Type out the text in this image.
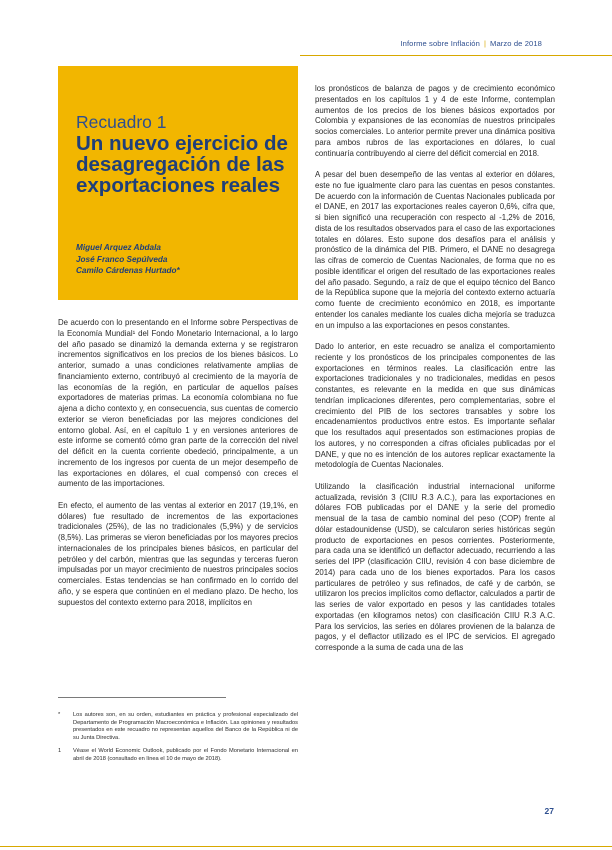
Informe sobre Inflación | Marzo de 2018
Recuadro 1
Un nuevo ejercicio de desagregación de las exportaciones reales
Miguel Arquez Abdala
José Franco Sepúlveda
Camilo Cárdenas Hurtado*

De acuerdo con lo presentando en el Informe sobre Perspectivas de la Economía Mundial¹ del Fondo Monetario Internacional, a lo largo del año pasado se dinamizó la demanda externa y se registraron incrementos significativos en los precios de los bienes básicos. Lo anterior, sumado a unas condiciones relativamente amplias de financiamiento externo, contribuyó al crecimiento de la mayoría de las economías de la región, en particular de aquellos países exportadores de materias primas. La economía colombiana no fue ajena a dicho contexto y, en consecuencia, sus cuentas de comercio exterior se vieron beneficiadas por las mejores condiciones del entorno global. Así, en el capítulo 1 y en versiones anteriores de este informe se comentó cómo gran parte de la corrección del nivel del déficit en la cuenta corriente obedeció, principalmente, a un incremento de los ingresos por cuenta de un mejor desempeño de las exportaciones en dólares, el cual compensó con creces el aumento de las importaciones.

En efecto, el aumento de las ventas al exterior en 2017 (19,1%, en dólares) fue resultado de incrementos de las exportaciones tradicionales (25%), de las no tradicionales (5,9%) y de servicios (8,5%). Las primeras se vieron beneficiadas por los mayores precios internacionales de los principales bienes básicos, en particular del petróleo y del carbón, mientras que las segundas y terceras fueron impulsadas por un mayor crecimiento de nuestros principales socios comerciales. Estas tendencias se han confirmado en lo corrido del año, y se espera que continúen en el mediano plazo. De hecho, los supuestos del contexto externo para 2018, implícitos en

los pronósticos de balanza de pagos y de crecimiento económico presentados en los capítulos 1 y 4 de este Informe, contemplan aumentos de los precios de los bienes básicos exportados por Colombia y expansiones de las economías de nuestros principales socios comerciales. Lo anterior permite prever una dinámica positiva para ambos rubros de las exportaciones en dólares, lo cual continuaría contribuyendo al cierre del déficit comercial en 2018.

A pesar del buen desempeño de las ventas al exterior en dólares, este no fue igualmente claro para las cuentas en pesos constantes. De acuerdo con la información de Cuentas Nacionales publicada por el DANE, en 2017 las exportaciones reales cayeron 0,6%, cifra que, si bien significó una recuperación con respecto al -1,2% de 2016, dista de los resultados observados para el caso de las exportaciones totales en dólares. Esto supone dos desafíos para el análisis y pronóstico de la dinámica del PIB. Primero, el DANE no desagrega las cifras de comercio de Cuentas Nacionales, de forma que no es posible identificar el origen del resultado de las exportaciones reales del año pasado. Segundo, a raíz de que el equipo técnico del Banco de la República supone que la mejoría del contexto externo actuaría como fuente de crecimiento económico en 2018, es importante entender los canales mediante los cuales dicha mejoría se traduzca en un impulso a las exportaciones en pesos constantes.

Dado lo anterior, en este recuadro se analiza el comportamiento reciente y los pronósticos de los principales componentes de las exportaciones en términos reales. La clasificación entre las exportaciones tradicionales y no tradicionales, medidas en pesos constantes, es relevante en la medida en que sus dinámicas tendrían implicaciones diferentes, pero complementarias, sobre el crecimiento del PIB de los sectores transables y sobre los encadenamientos productivos entre estos. Es importante señalar que los resultados aquí presentados son estimaciones propias de los autores, y no corresponden a cifras oficiales publicadas por el DANE, y que no es intención de los autores replicar exactamente la metodología de Cuentas Nacionales.

Utilizando la clasificación industrial internacional uniforme actualizada, revisión 3 (CIIU R.3 A.C.), para las exportaciones en dólares FOB publicadas por el DANE y la serie del promedio mensual de la tasa de cambio nominal del peso (COP) frente al dólar estadounidense (USD), se calcularon series históricas según producto de exportaciones en pesos corrientes. Posteriormente, para cada una se identificó un deflactor adecuado, recurriendo a las series del IPP (clasificación CIIU, revisión 4 con base diciembre de 2014) para cada uno de los bienes exportados. Para los casos particulares de petróleo y sus refinados, de café y de carbón, se utilizaron los precios implícitos como deflactor, calculados a partir de las series de valor exportado en pesos y las cantidades totales exportadas (en kilogramos netos) con clasificación CIIU R.3 A.C. Para los servicios, las series en dólares provienen de la balanza de pagos, y el deflactor utilizado es el IPC de servicios. El agregado corresponde a la suma de cada una de las

* Los autores son, en su orden, estudiantes en práctica y profesional especializado del Departamento de Programación Macroeconómica e Inflación. Las opiniones y resultados presentados en este recuadro no representan aquellos del Banco de la República ni de su Junta Directiva.
1 Véase el World Economic Outlook, publicado por el Fondo Monetario Internacional en abril de 2018 (consultado en línea el 10 de mayo de 2018).
27
